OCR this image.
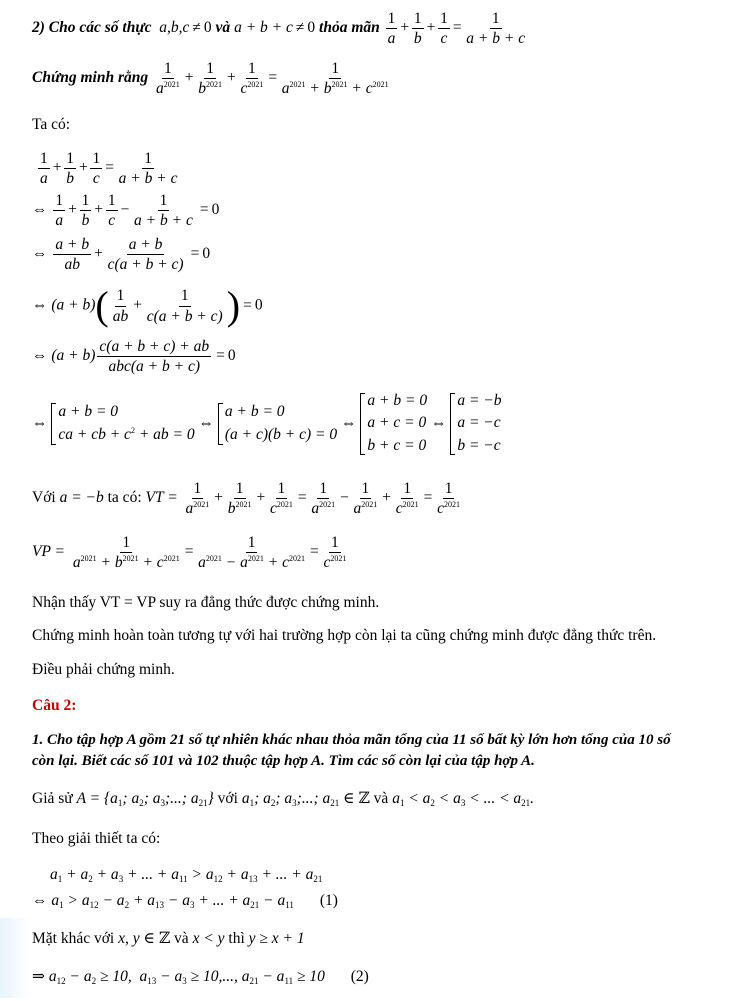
2) Cho các số thực  a,b,c ≠ 0 và a + b + c ≠ 0 thỏa mãn $\frac{1}{a} + \frac{1}{b} + \frac{1}{c} = \frac{1}{a + b + c}$
Chứng minh rằng $\frac{1}{a^{2021}} + \frac{1}{b^{2021}} + \frac{1}{c^{2021}} = \frac{1}{a^{2021} + b^{2021} + c^{2021}}$
Ta có:
$\frac{1}{a} + \frac{1}{b} + \frac{1}{c} = \frac{1}{a + b + c}$
⇔ $\frac{1}{a} + \frac{1}{b} + \frac{1}{c} - \frac{1}{a + b + c} = 0$
⇔ $\frac{a + b}{ab} + \frac{a + b}{c(a + b + c)} = 0$
⇔ $(a + b)( \frac{1}{ab} + \frac{1}{c(a + b + c)}$ ) = 0
⇔ $(a + b) \frac{c(a + b + c) + ab}{\text{abc(a + b + c)}} = 0$
⇔
a + b = 0
ca + cb + $c^2$ + ab = 0
⇔
a + b = 0
(a + c)(b + c) = 0
⇔
a + b = 0
a + c = 0
b + c = 0
⇔
a = −b
a = −c
b = −c
Với a = −b ta có: VT = $\frac{1}{a^{2021}} + \frac{1}{b^{2021}} + \frac{1}{c^{2021}} = \frac{1}{a^{2021}} - \frac{1}{a^{2021}} + \frac{1}{c^{2021}} = \frac{1}{c^{2021}}$
VP = $\frac{1}{a^{2021} + b^{2021} + c^{2021}} = \frac{1}{a^{2021} - a^{2021} + c^{2021}} = \frac{1}{c^{2021}}$
Nhận thấy VT = VP suy ra đẳng thức được chứng minh.
Chứng minh hoàn toàn tương tự với hai trường hợp còn lại ta cũng chứng minh được đẳng thức trên.
Điều phải chứng minh.
Câu 2:
1. Cho tập hợp A gồm 21 số tự nhiên khác nhau thỏa mãn tổng của 11 số bất kỳ lớn hơn tổng của 10 số
còn lại. Biết các số 101 và 102 thuộc tập hợp A. Tìm các số còn lại của tập hợp A.
Giả sử $A = \{a_1$; $a_2$; $a_3$;...; $a_{21}$} với $a_1$; $a_2$; $a_3$;...; $a_{21}$ ∈ ℤ và $a_1 < a_2 < a_3$ < ... < $a_{21}$.
Theo giải thiết ta có:
$a_1 + a_2 + a_3$ + ... + $a_{11} > a_{12} + a_{13}$ + ... + $a_{21}$
⇔ $a_1 > a_{12} - a_2 + a_{13} - a_3$ + ... + $a_{21} - a_{11}$ (1)
Mặt khác với x, y ∈ ℤ và x < y thì y ≥ x + 1
⇒ $a_{12} - a_2 \ge 10$,  $a_{13} - a_3 \ge 10$,..., $a_{21} - a_{11} \ge 10$ (2)
